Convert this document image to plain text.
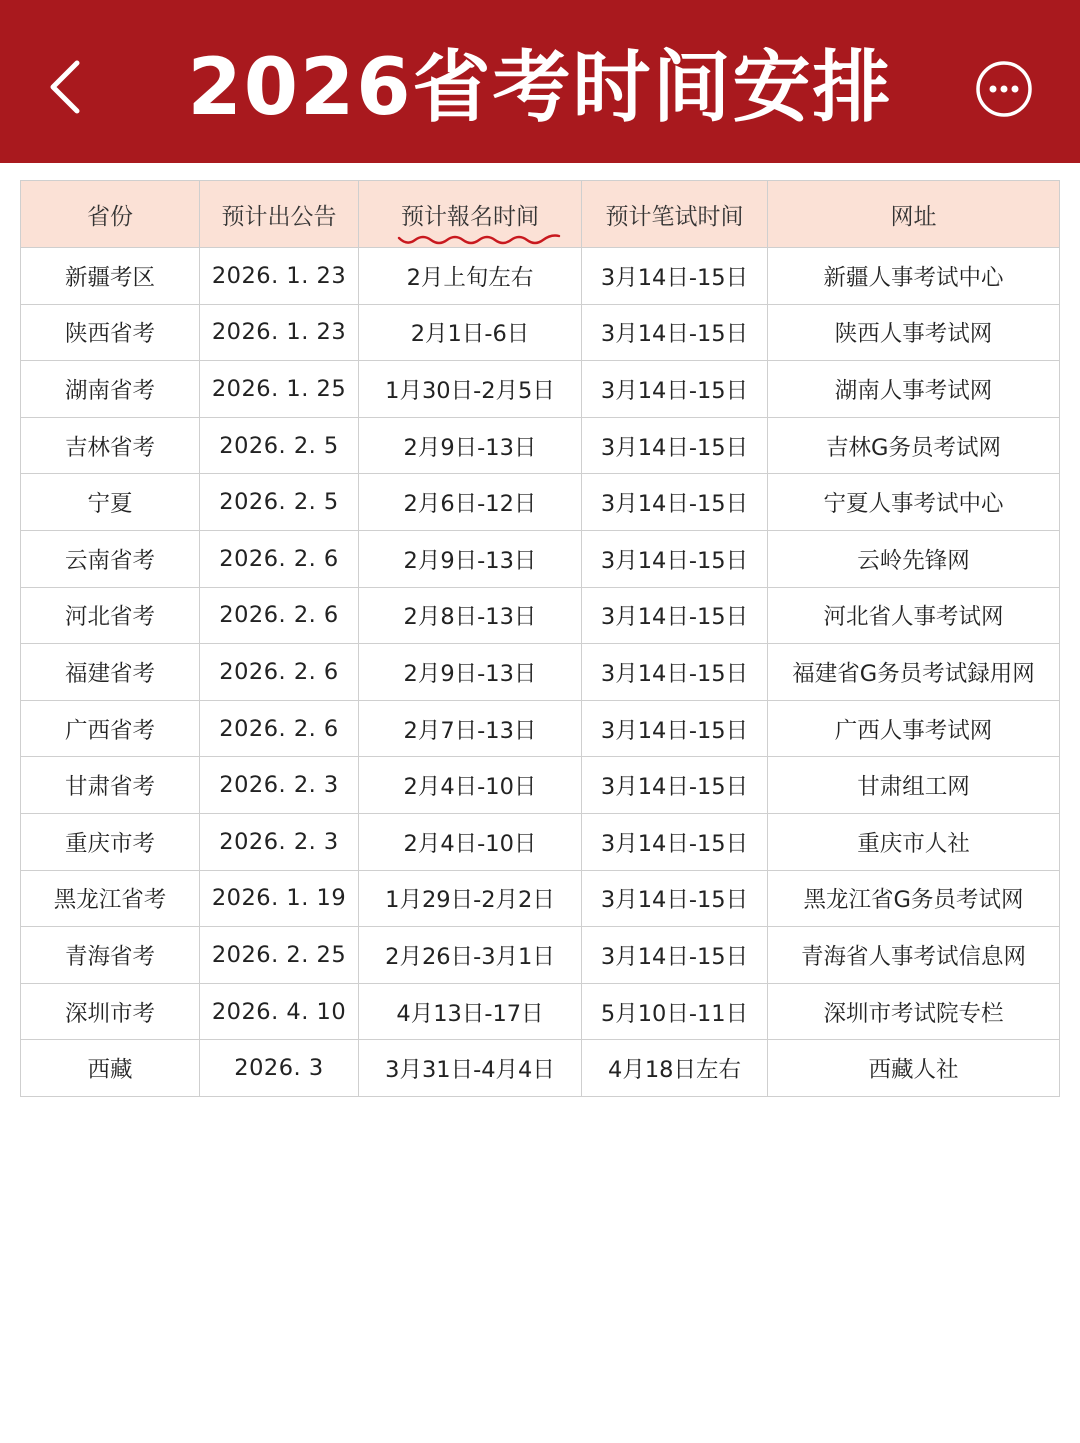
2026省考时间安排
省份	预计出公告	预计報名时间	预计笔试时间	网址
新疆考区	2026. 1. 23	2月上旬左右	3月14日-15日	新疆人事考试中心
陕西省考	2026. 1. 23	2月1日-6日	3月14日-15日	陕西人事考试网
湖南省考	2026. 1. 25	1月30日-2月5日	3月14日-15日	湖南人事考试网
吉林省考	2026. 2. 5	2月9日-13日	3月14日-15日	吉林G务员考试网
宁夏	2026. 2. 5	2月6日-12日	3月14日-15日	宁夏人事考试中心
云南省考	2026. 2. 6	2月9日-13日	3月14日-15日	云岭先锋网
河北省考	2026. 2. 6	2月8日-13日	3月14日-15日	河北省人事考试网
福建省考	2026. 2. 6	2月9日-13日	3月14日-15日	福建省G务员考试録用网
广西省考	2026. 2. 6	2月7日-13日	3月14日-15日	广西人事考试网
甘肃省考	2026. 2. 3	2月4日-10日	3月14日-15日	甘肃组工网
重庆市考	2026. 2. 3	2月4日-10日	3月14日-15日	重庆市人社
黑龙江省考	2026. 1. 19	1月29日-2月2日	3月14日-15日	黑龙江省G务员考试网
青海省考	2026. 2. 25	2月26日-3月1日	3月14日-15日	青海省人事考试信息网
深圳市考	2026. 4. 10	4月13日-17日	5月10日-11日	深圳市考试院专栏
西藏	2026. 3	3月31日-4月4日	4月18日左右	西藏人社
